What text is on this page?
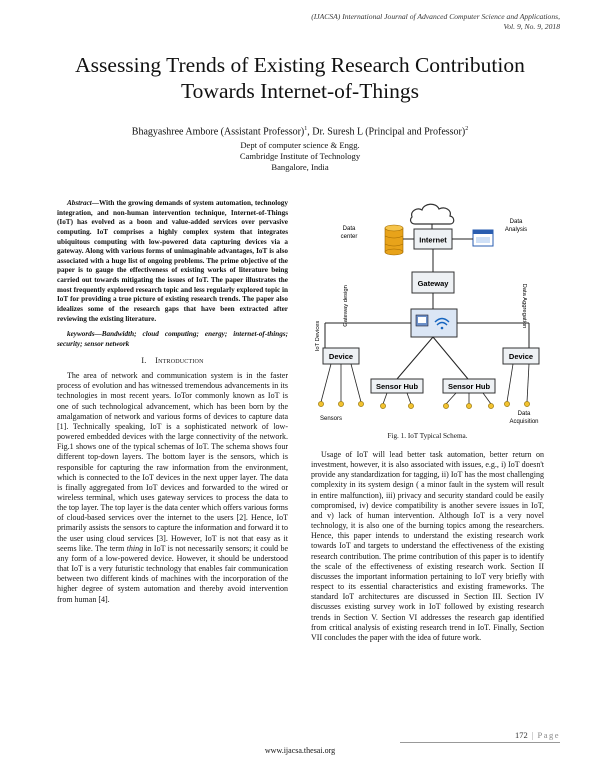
(IJACSA) International Journal of Advanced Computer Science and Applications,
Vol. 9, No. 9, 2018
Assessing Trends of Existing Research Contribution
Towards Internet-of-Things
Bhagyashree Ambore (Assistant Professor)$^1$, Dr. Suresh L (Principal and Professor)$^2$
Dept of computer science & Engg.
Cambridge Institute of Technology
Bangalore, India

Abstract—With the growing demands of system automation, technology integration, and non-human intervention technique, Internet-of-Things (IoT) has evolved as a boon and value-added services over pervasive computing. IoT comprises a highly complex system that integrates ubiquitous computing with low-powered data capturing devices via a gateway. Along with various forms of unimaginable advantages, IoT is also associated with a huge list of ongoing problems. The prime objective of the paper is to gauge the effectiveness of existing works of literature being carried out towards mitigating the issues of IoT. The paper illustrates the most frequently explored research topic and less regularly explored topic in IoT for providing a true picture of existing research trends. The paper also idealizes some of the research gaps that have been extracted after reviewing the existing literature.

keywords—Bandwidth; cloud computing; energy; internet-of-things; security; sensor network

I. Introduction

The area of network and communication system is in the faster process of evolution and has witnessed tremendous advancements in its technologies in most recent years. IoTor commonly known as IoT is one of such technological advancement, which has been born by the amalgamation of network and various forms of devices to capture data [1]. Technically speaking, IoT is a sophisticated network of low-powered embedded devices with the large connectivity of the network. Fig.1 shows one of the typical schemas of IoT. The schema shows four different top-down layers. The bottom layer is the sensors, which is responsible for capturing the raw information from the environment, which is connected to the IoT devices in the next upper layer. The data is finally aggregated from IoT devices and forwarded to the wired or wireless terminal, which uses gateway services to process the data to the top layer. The top layer is the data center which offers various forms of cloud-based services over the internet to the users [2]. Hence, IoT primarily assists the sensors to capture the information and forward it to the user using cloud services [3]. However, IoT is not that easy as it seems like. The term thing in IoT is not necessarily sensors; it could be any form of a low-powered device. However, it should be understood that IoT is a very futuristic technology that enables fair communication between two different kinds of machines with the incorporation of the higher degree of system automation and thereby avoid intervention from human [4].

Internet
Data
center
Data
Analysis
Gateway
Gateway design	Data Aggregation
Device	Device
IoT Devices
Sensor Hub	Sensor Hub
Sensors
Data
Acquisition
Fig. 1. IoT Typical Schema.

Usage of IoT will lead better task automation, better return on investment, however, it is also associated with issues, e.g., i) IoT doesn't provide any standardization for tagging, ii) IoT has the most challenging complexity in its system design ( a minor fault in the system will result in entire malfunction), iii) privacy and security standard could be easily compromised, iv) device compatibility is another severe issues in IoT, and v) lack of human intervention. Although IoT is a very novel technology, it is also one of the burning topics among the researchers. Hence, this paper intends to understand the existing research work towards IoT and targets to understand the effectiveness of the existing research contribution. The prime contribution of this paper is to identify the scale of the effectiveness of existing research work. Section II discusses the important information pertaining to IoT very briefly with respect to its essential characteristics and existing frameworks. The standard IoT architectures are discussed in Section III. Section IV discusses existing survey work in IoT followed by existing research trends in Section V. Section VI addresses the research gap identified from critical analysis of existing research trend in IoT. Finally, Section VII concludes the paper with the idea of future work.

172 | Page
www.ijacsa.thesai.org
